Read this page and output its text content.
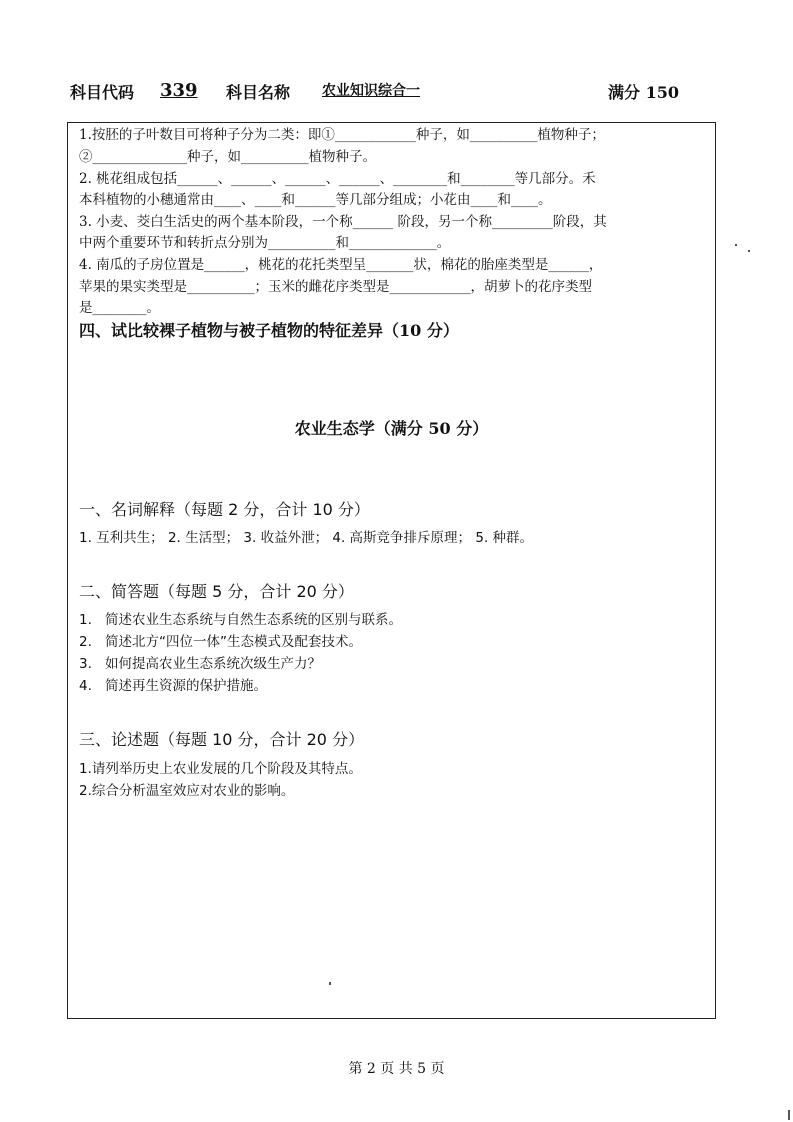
科目代码 339 科目名称 农业知识综合一	满分 150
1.按胚的子叶数目可将种子分为二类：即①____________种子，如__________植物种子；
②______________种子，如__________植物种子。
2. 桃花组成包括______、______、______、______、________和________等几部分。禾
本科植物的小穗通常由____、____和______等几部分组成；小花由____和____。
3. 小麦、茭白生活史的两个基本阶段，一个称______ 阶段，另一个称_________阶段，其
中两个重要环节和转折点分别为__________和_____________。
4. 南瓜的子房位置是______，桃花的花托类型呈_______状，棉花的胎座类型是______，
苹果的果实类型是__________；玉米的雌花序类型是____________，胡萝卜的花序类型
是________。
四、试比较裸子植物与被子植物的特征差异（10 分）
农业生态学（满分 50 分）
一、名词解释（每题 2 分，合计 10 分）
1. 互利共生； 2. 生活型； 3. 收益外泄； 4. 高斯竞争排斥原理； 5. 种群。
二、简答题（每题 5 分，合计 20 分）
1. 简述农业生态系统与自然生态系统的区别与联系。
2. 简述北方“四位一体”生态模式及配套技术。
3. 如何提高农业生态系统次级生产力？
4. 简述再生资源的保护措施。
三、论述题（每题 10 分，合计 20 分）
1.请列举历史上农业发展的几个阶段及其特点。
2.综合分析温室效应对农业的影响。
第 2 页 共 5 页
